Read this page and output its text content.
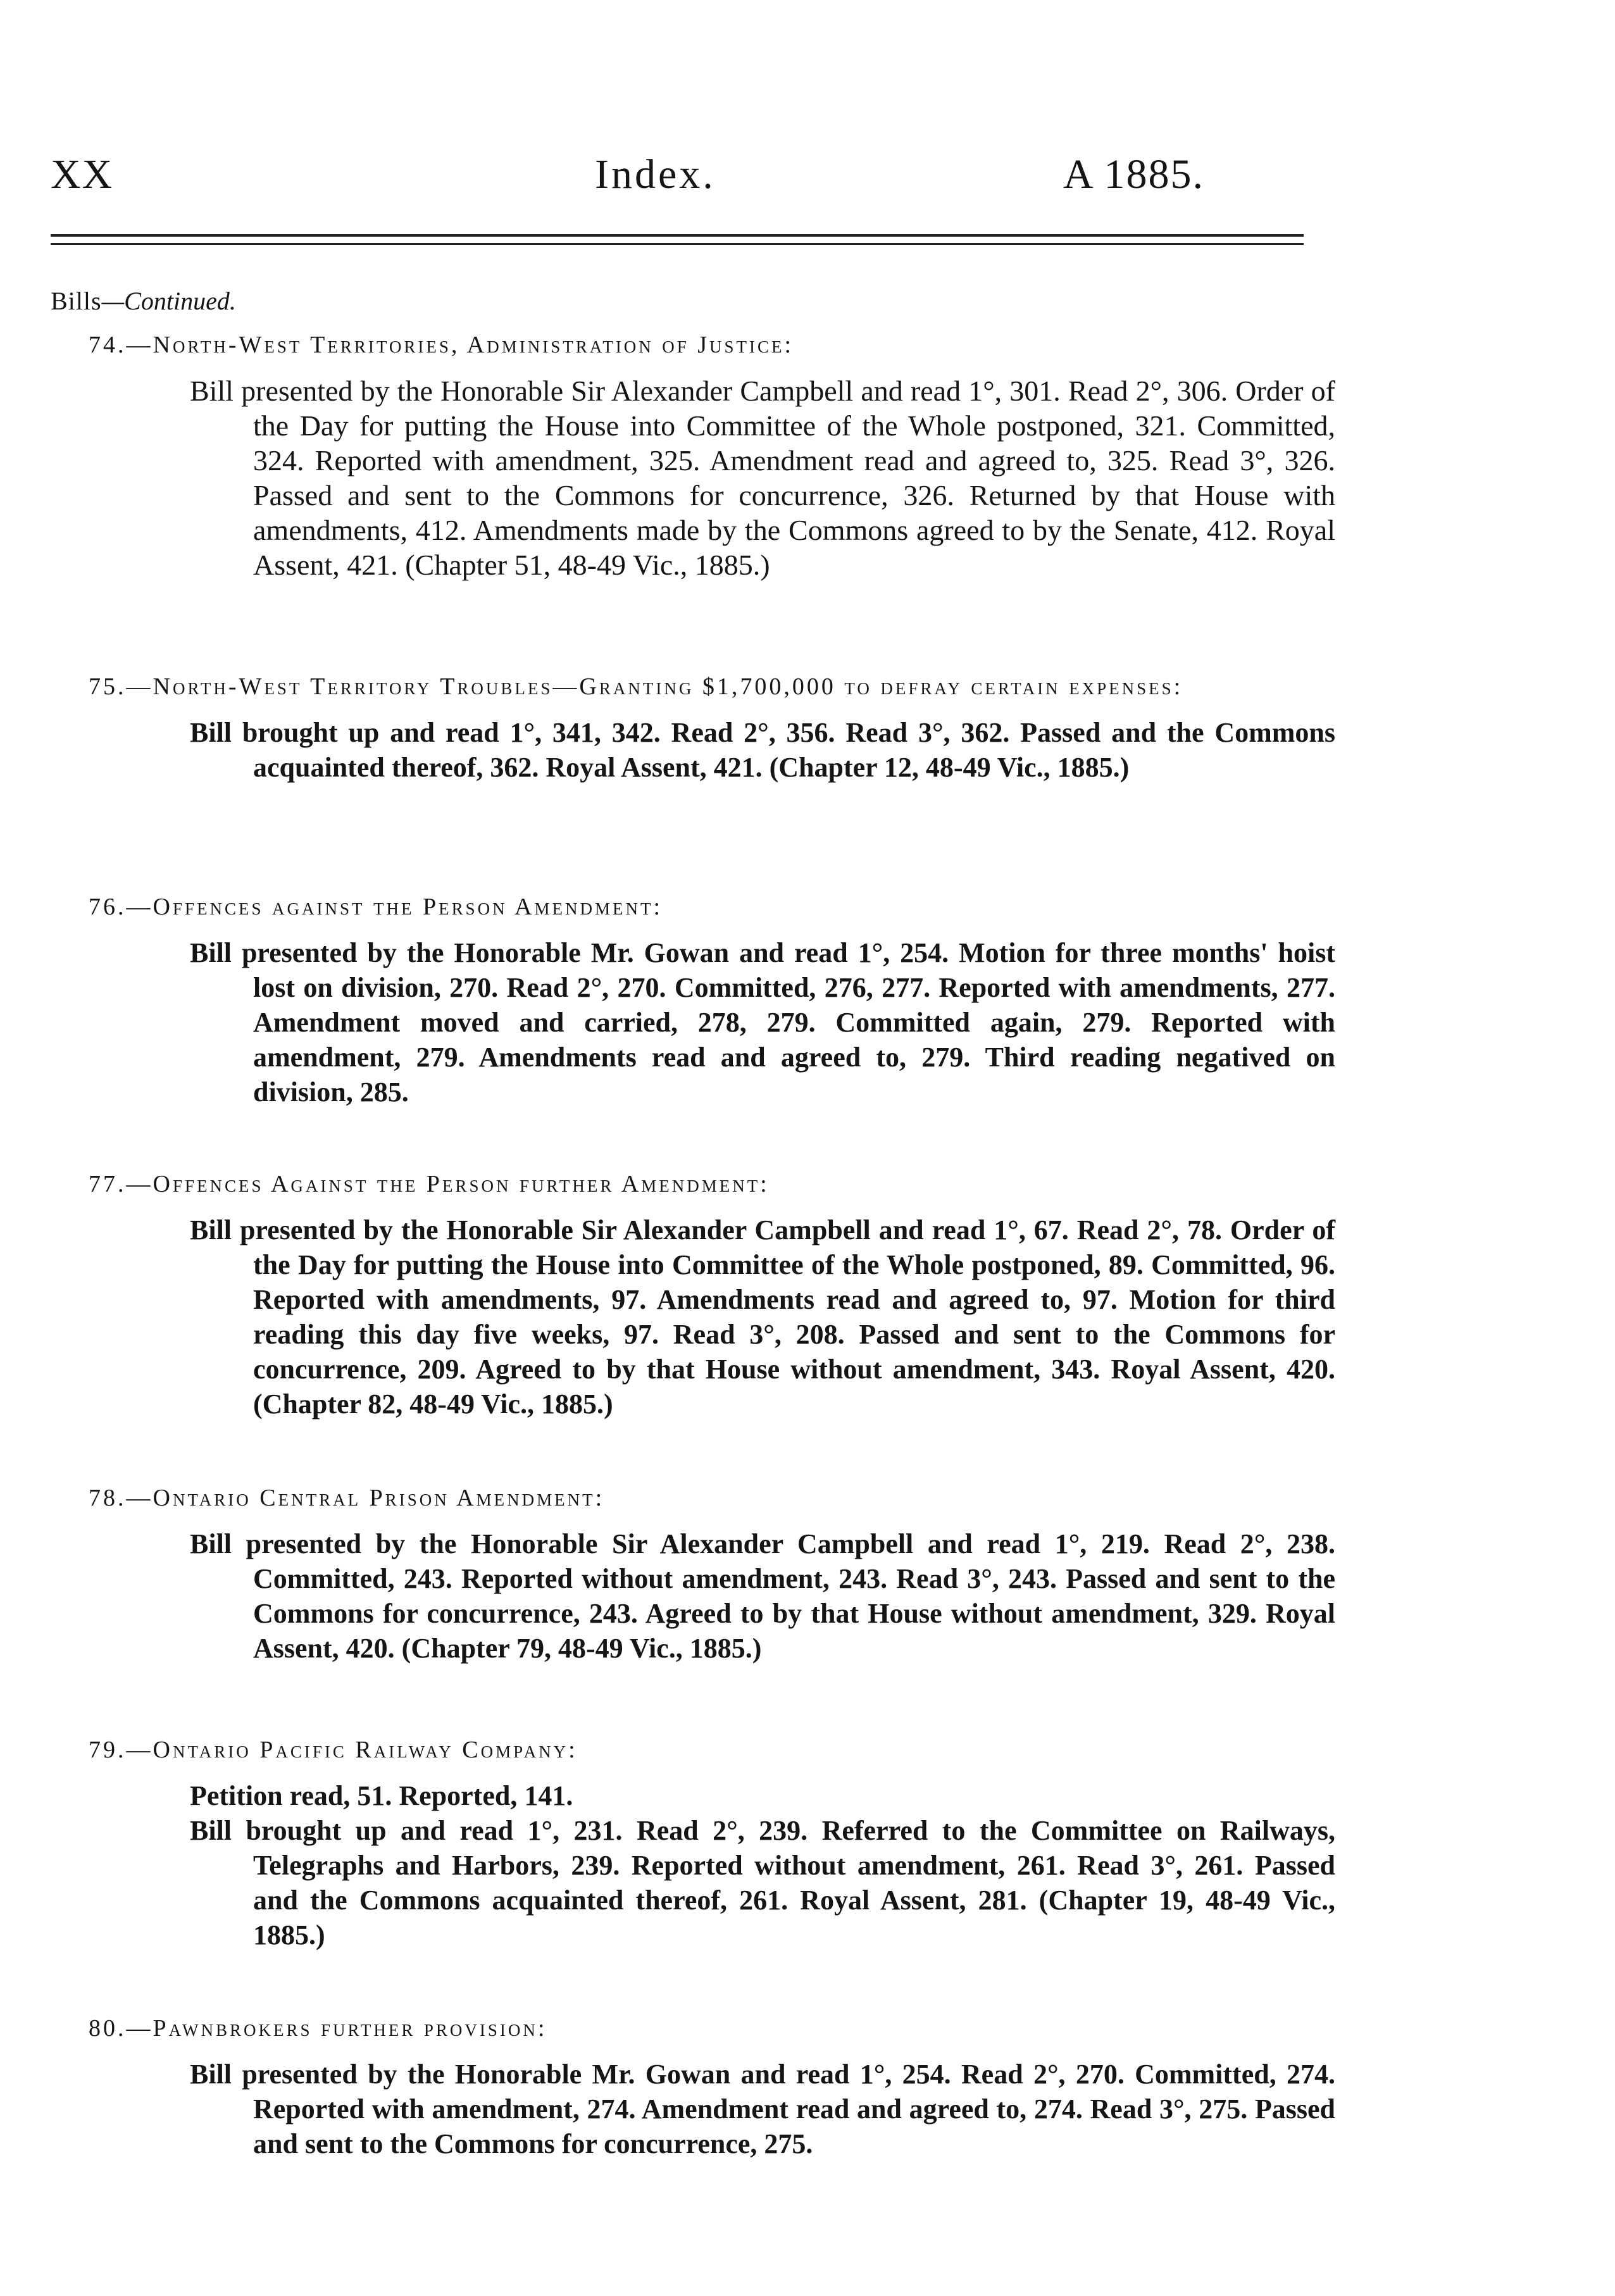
XX	Index.	A 1885.
Bills—Continued.
74.—North-West Territories, Administration of Justice:

Bill presented by the Honorable Sir Alexander Campbell and read 1°, 301. Read 2°, 306. Order of the Day for putting the House into Committee of the Whole postponed, 321. Committed, 324. Reported with amendment, 325. Amendment read and agreed to, 325. Read 3°, 326. Passed and sent to the Commons for concurrence, 326. Returned by that House with amendments, 412. Amendments made by the Commons agreed to by the Senate, 412. Royal Assent, 421. (Chapter 51, 48-49 Vic., 1885.)

75.—North-West Territory Troubles—Granting $1,700,000 to defray certain expenses:

Bill brought up and read 1°, 341, 342. Read 2°, 356. Read 3°, 362. Passed and the Commons acquainted thereof, 362. Royal Assent, 421. (Chapter 12, 48-49 Vic., 1885.)

76.—Offences against the Person Amendment:

Bill presented by the Honorable Mr. Gowan and read 1°, 254. Motion for three months' hoist lost on division, 270. Read 2°, 270. Committed, 276, 277. Reported with amendments, 277. Amendment moved and carried, 278, 279. Committed again, 279. Reported with amendment, 279. Amendments read and agreed to, 279. Third reading negatived on division, 285.

77.—Offences Against the Person further Amendment:

Bill presented by the Honorable Sir Alexander Campbell and read 1°, 67. Read 2°, 78. Order of the Day for putting the House into Committee of the Whole postponed, 89. Committed, 96. Reported with amendments, 97. Amendments read and agreed to, 97. Motion for third reading this day five weeks, 97. Read 3°, 208. Passed and sent to the Commons for concurrence, 209. Agreed to by that House without amendment, 343. Royal Assent, 420. (Chapter 82, 48-49 Vic., 1885.)

78.—Ontario Central Prison Amendment:

Bill presented by the Honorable Sir Alexander Campbell and read 1°, 219. Read 2°, 238. Committed, 243. Reported without amendment, 243. Read 3°, 243. Passed and sent to the Commons for concurrence, 243. Agreed to by that House without amendment, 329. Royal Assent, 420. (Chapter 79, 48-49 Vic., 1885.)

79.—Ontario Pacific Railway Company:

Petition read, 51. Reported, 141.

Bill brought up and read 1°, 231. Read 2°, 239. Referred to the Committee on Railways, Telegraphs and Harbors, 239. Reported without amendment, 261. Read 3°, 261. Passed and the Commons acquainted thereof, 261. Royal Assent, 281. (Chapter 19, 48-49 Vic., 1885.)

80.—Pawnbrokers further provision:

Bill presented by the Honorable Mr. Gowan and read 1°, 254. Read 2°, 270. Committed, 274. Reported with amendment, 274. Amendment read and agreed to, 274. Read 3°, 275. Passed and sent to the Commons for concurrence, 275.
